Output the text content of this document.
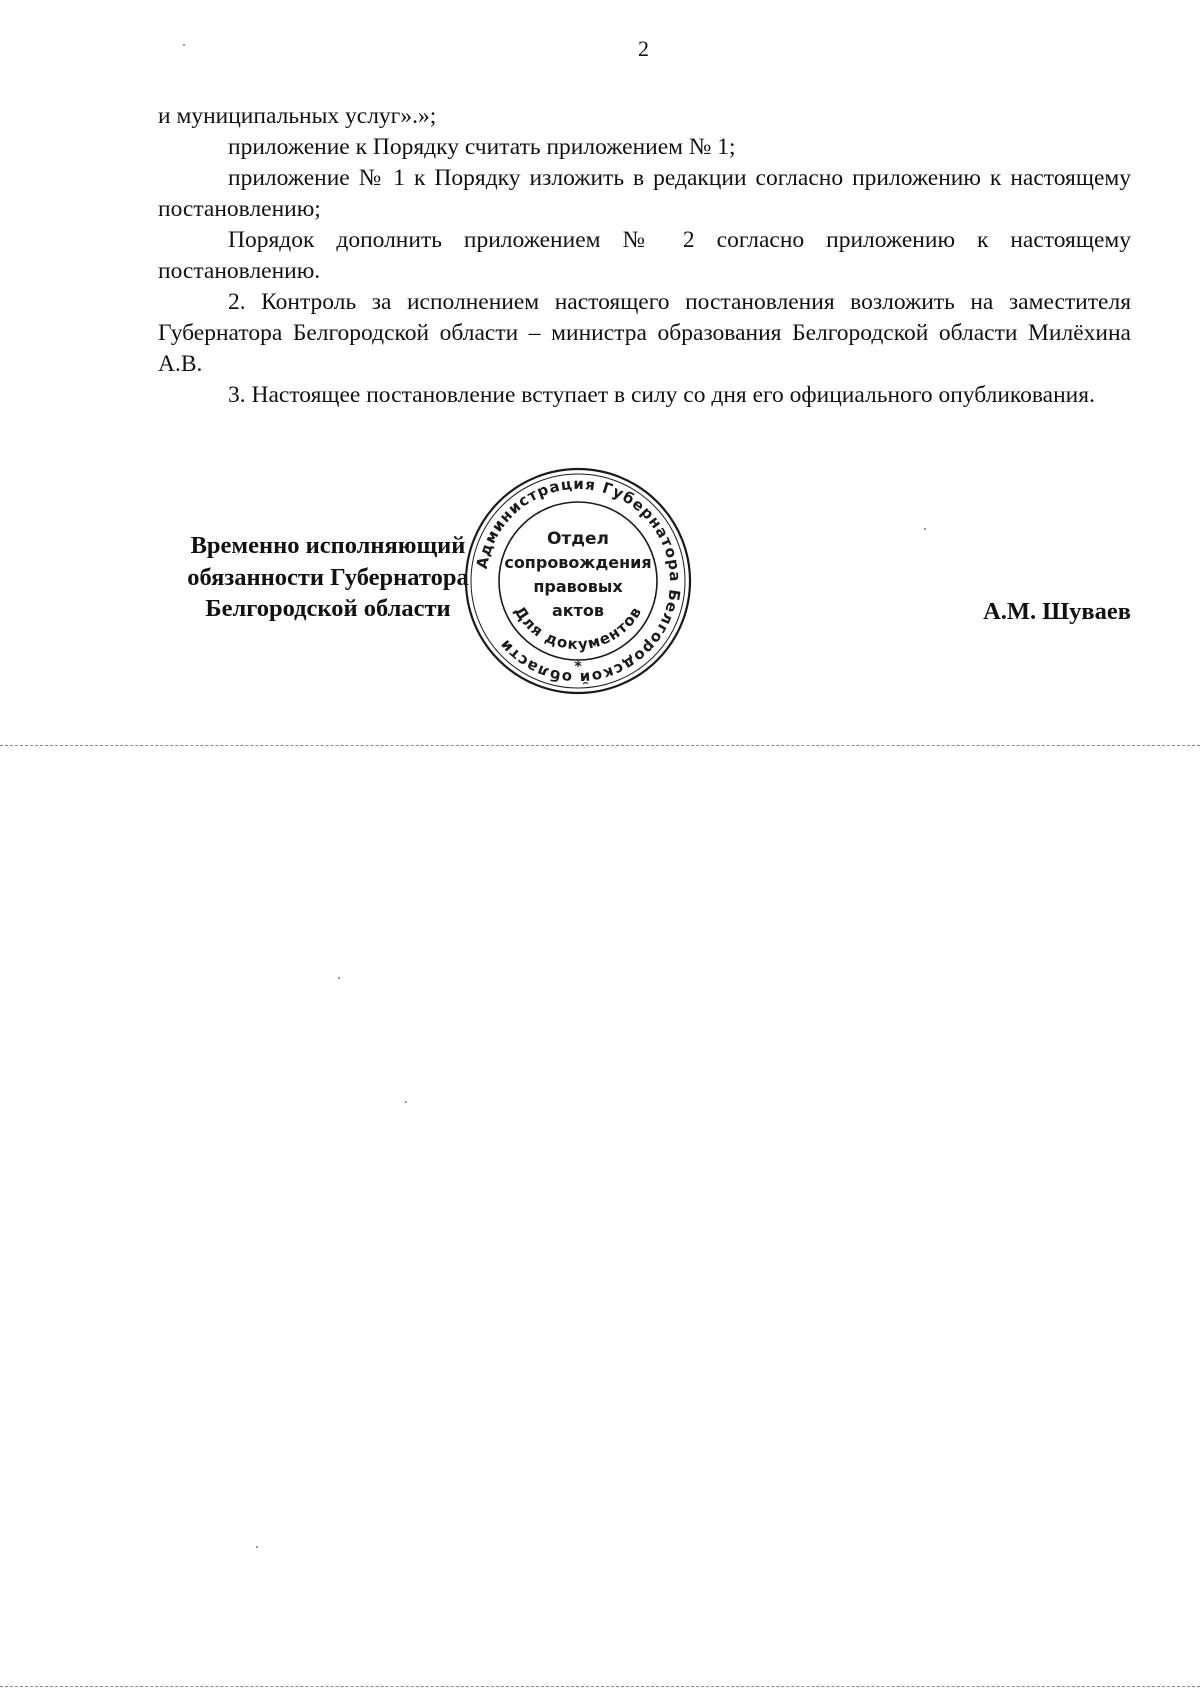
2

и муниципальных услуг».»;

приложение к Порядку считать приложением № 1;

приложение № 1 к Порядку изложить в редакции согласно приложению к настоящему постановлению;

Порядок дополнить приложением № 2 согласно приложению к настоящему постановлению.

2. Контроль за исполнением настоящего постановления возложить на заместителя Губернатора Белгородской области – министра образования Белгородской области Милёхина А.В.

3. Настоящее постановление вступает в силу со дня его официального опубликования.

Временно исполняющий
обязанности Губернатора
Белгородской области
Администрация Губернатора Белгородской области
Отдел
сопровождения
правовых
актов
Для документов
*
А.М. Шуваев
